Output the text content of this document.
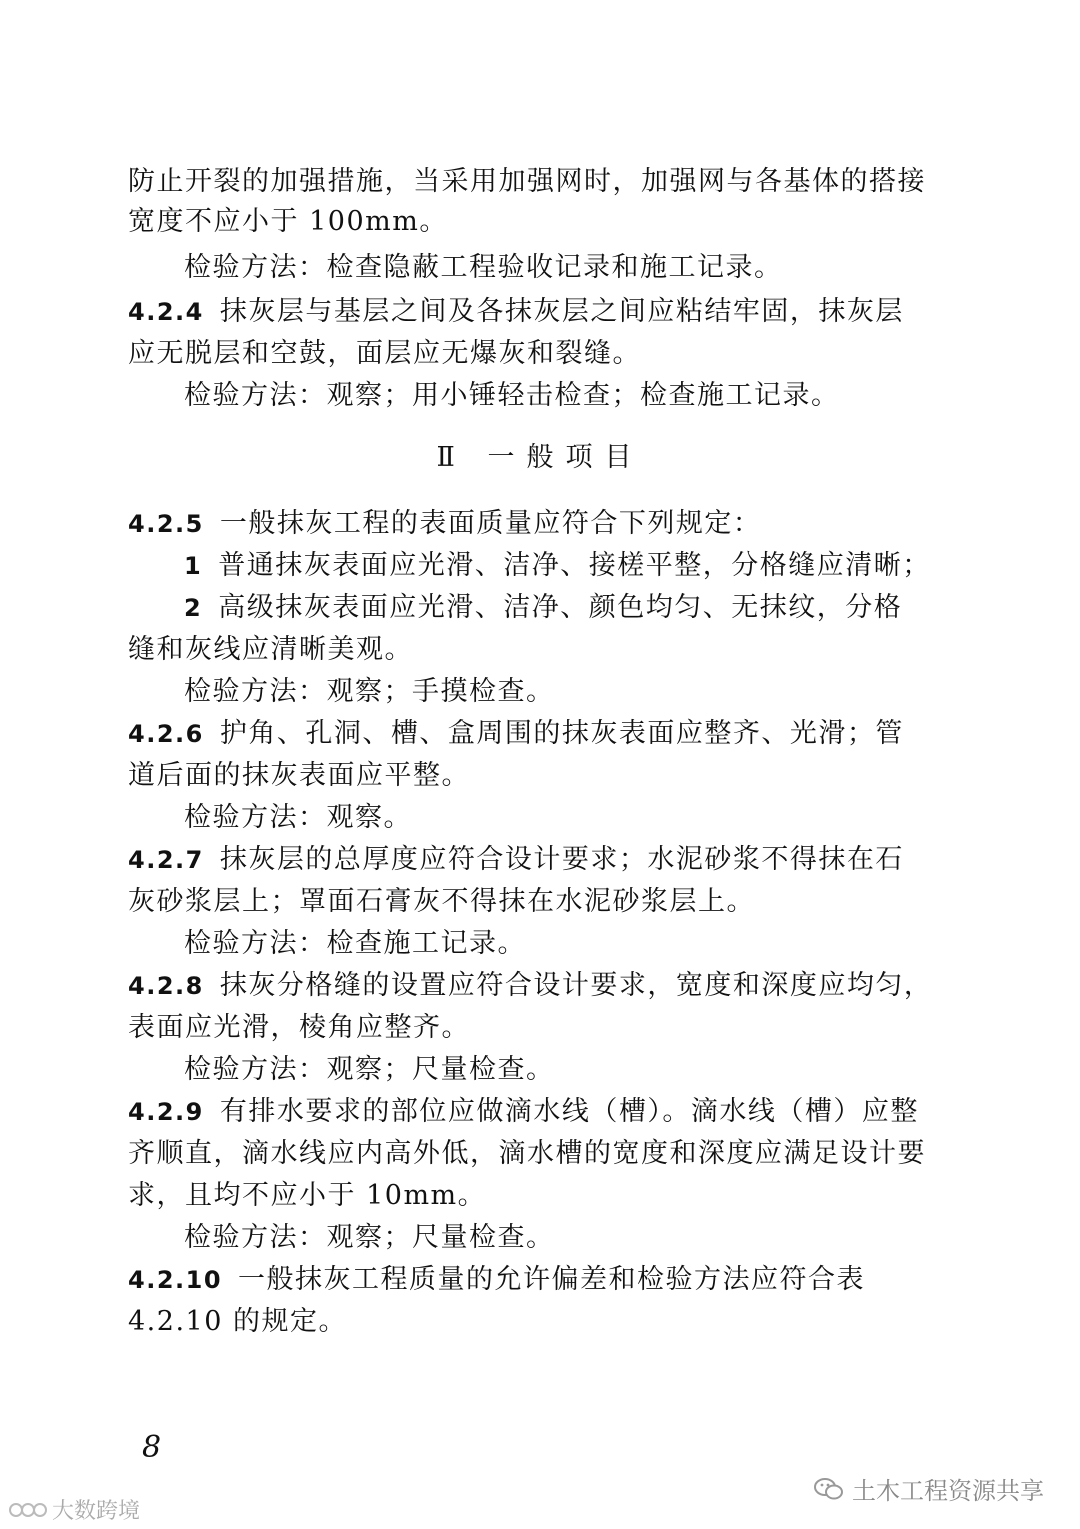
防止开裂的加强措施，当采用加强网时，加强网与各基体的搭接
宽度不应小于 100mm。
检验方法：检查隐蔽工程验收记录和施工记录。
4.2.4 抹灰层与基层之间及各抹灰层之间应粘结牢固，抹灰层
应无脱层和空鼓，面层应无爆灰和裂缝。
检验方法：观察；用小锤轻击检查；检查施工记录。
Ⅱ 一般项目
4.2.5 一般抹灰工程的表面质量应符合下列规定：
1 普通抹灰表面应光滑、洁净、接槎平整，分格缝应清晰；
2 高级抹灰表面应光滑、洁净、颜色均匀、无抹纹，分格
缝和灰线应清晰美观。
检验方法：观察；手摸检查。
4.2.6 护角、孔洞、槽、盒周围的抹灰表面应整齐、光滑；管
道后面的抹灰表面应平整。
检验方法：观察。
4.2.7 抹灰层的总厚度应符合设计要求；水泥砂浆不得抹在石
灰砂浆层上；罩面石膏灰不得抹在水泥砂浆层上。
检验方法：检查施工记录。
4.2.8 抹灰分格缝的设置应符合设计要求，宽度和深度应均匀，
表面应光滑，棱角应整齐。
检验方法：观察；尺量检查。
4.2.9 有排水要求的部位应做滴水线（槽）。滴水线（槽）应整
齐顺直，滴水线应内高外低，滴水槽的宽度和深度应满足设计要
求，且均不应小于 10mm。
检验方法：观察；尺量检查。
4.2.10 一般抹灰工程质量的允许偏差和检验方法应符合表
4.2.10 的规定。
8
土木工程资源共享
大数跨境
